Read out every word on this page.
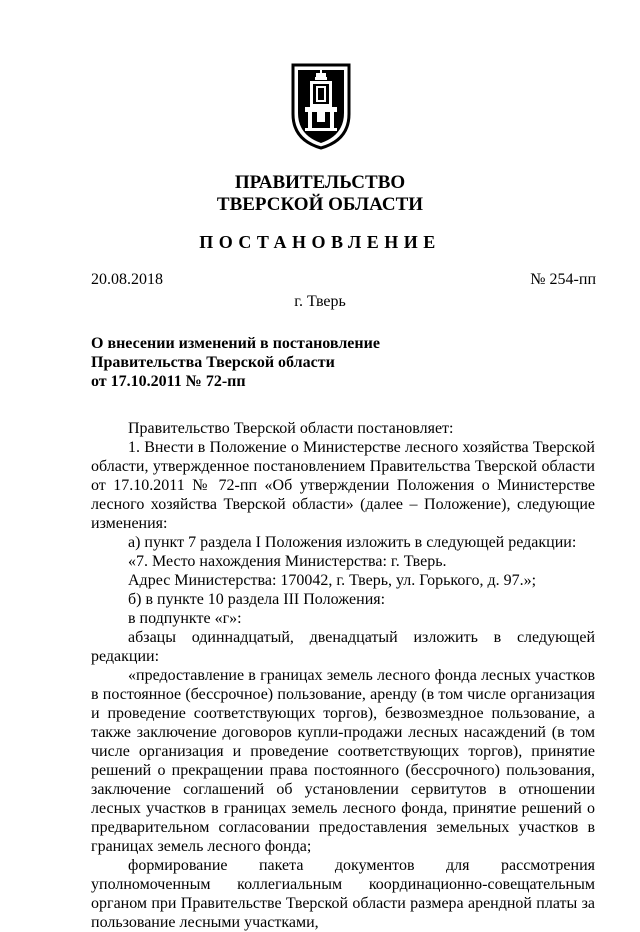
ПРАВИТЕЛЬСТВО
ТВЕРСКОЙ ОБЛАСТИ
ПОСТАНОВЛЕНИЕ
20.08.2018	№ 254-пп
г. Тверь
О внесении изменений в постановление
Правительства Тверской области
от 17.10.2011 № 72-пп

Правительство Тверской области постановляет:

1. Внести в Положение о Министерстве лесного хозяйства Тверской области, утвержденное постановлением Правительства Тверской области от 17.10.2011 № 72-пп «Об утверждении Положения о Министерстве лесного хозяйства Тверской области» (далее – Положение), следующие изменения:

а) пункт 7 раздела I Положения изложить в следующей редакции:

«7. Место нахождения Министерства: г. Тверь.

Адрес Министерства: 170042, г. Тверь, ул. Горького, д. 97.»;

б) в пункте 10 раздела III Положения:

в подпункте «г»:

абзацы одиннадцатый, двенадцатый изложить в следующей редакции:

«предоставление в границах земель лесного фонда лесных участков в постоянное (бессрочное) пользование, аренду (в том числе организация и проведение соответствующих торгов), безвозмездное пользование, а также заключение договоров купли-продажи лесных насаждений (в том числе организация и проведение соответствующих торгов), принятие решений о прекращении права постоянного (бессрочного) пользования, заключение соглашений об установлении сервитутов в отношении лесных участков в границах земель лесного фонда, принятие решений о предварительном согласовании предоставления земельных участков в границах земель лесного фонда;

формирование пакета документов для рассмотрения уполномоченным коллегиальным координационно-совещательным органом при Правительстве Тверской области размера арендной платы за пользование лесными участками,
